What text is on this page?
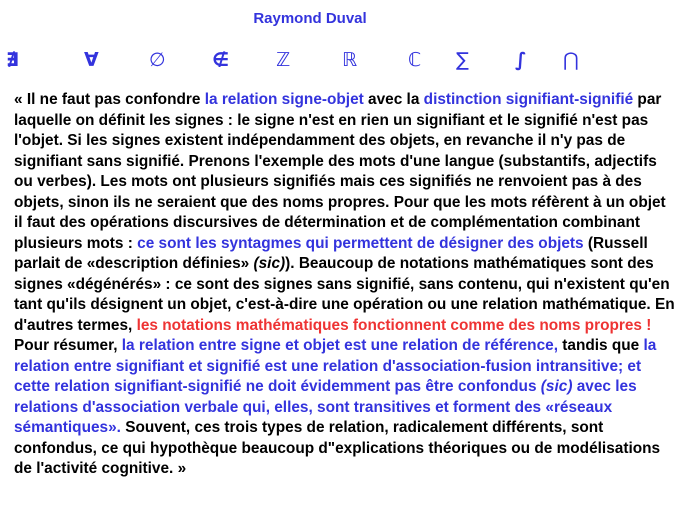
Raymond Duval
∄	∀	∅ ∉ ℤ	ℝ	ℂ ∑ ∫ ⋂

« Il ne faut pas confondre la relation signe-objet avec la distinction signifiant-signifié par laquelle on définit les signes : le signe n'est en rien un signifiant et le signifié n'est pas l'objet. Si les signes existent indépendamment des objets, en revanche il n'y pas de signifiant sans signifié. Prenons l'exemple des mots d'une langue (substantifs, adjectifs ou verbes). Les mots ont plusieurs signifiés mais ces signifiés ne renvoient pas à des objets, sinon ils ne seraient que des noms propres. Pour que les mots réfèrent à un objet il faut des opérations discursives de détermination et de complémentation combinant plusieurs mots : ce sont les syntagmes qui permettent de désigner des objets (Russell parlait de «description définies» (sic)). Beaucoup de notations mathématiques sont des signes «dégénérés» : ce sont des signes sans signifié, sans contenu, qui n'existent qu'en tant qu'ils désignent un objet, c'est-à-dire une opération ou une relation mathématique. En d'autres termes, les notations mathématiques fonctionnent comme des noms propres ! Pour résumer, la relation entre signe et objet est une relation de référence, tandis que la relation entre signifiant et signifié est une relation d'association-fusion intransitive; et cette relation signifiant-signifié ne doit évidemment pas être confondus (sic) avec les relations d'association verbale qui, elles, sont transitives et forment des «réseaux sémantiques». Souvent, ces trois types de relation, radicalement différents, sont confondus, ce qui hypothèque beaucoup d"explications théoriques ou de modélisations de l'activité cognitive. »
